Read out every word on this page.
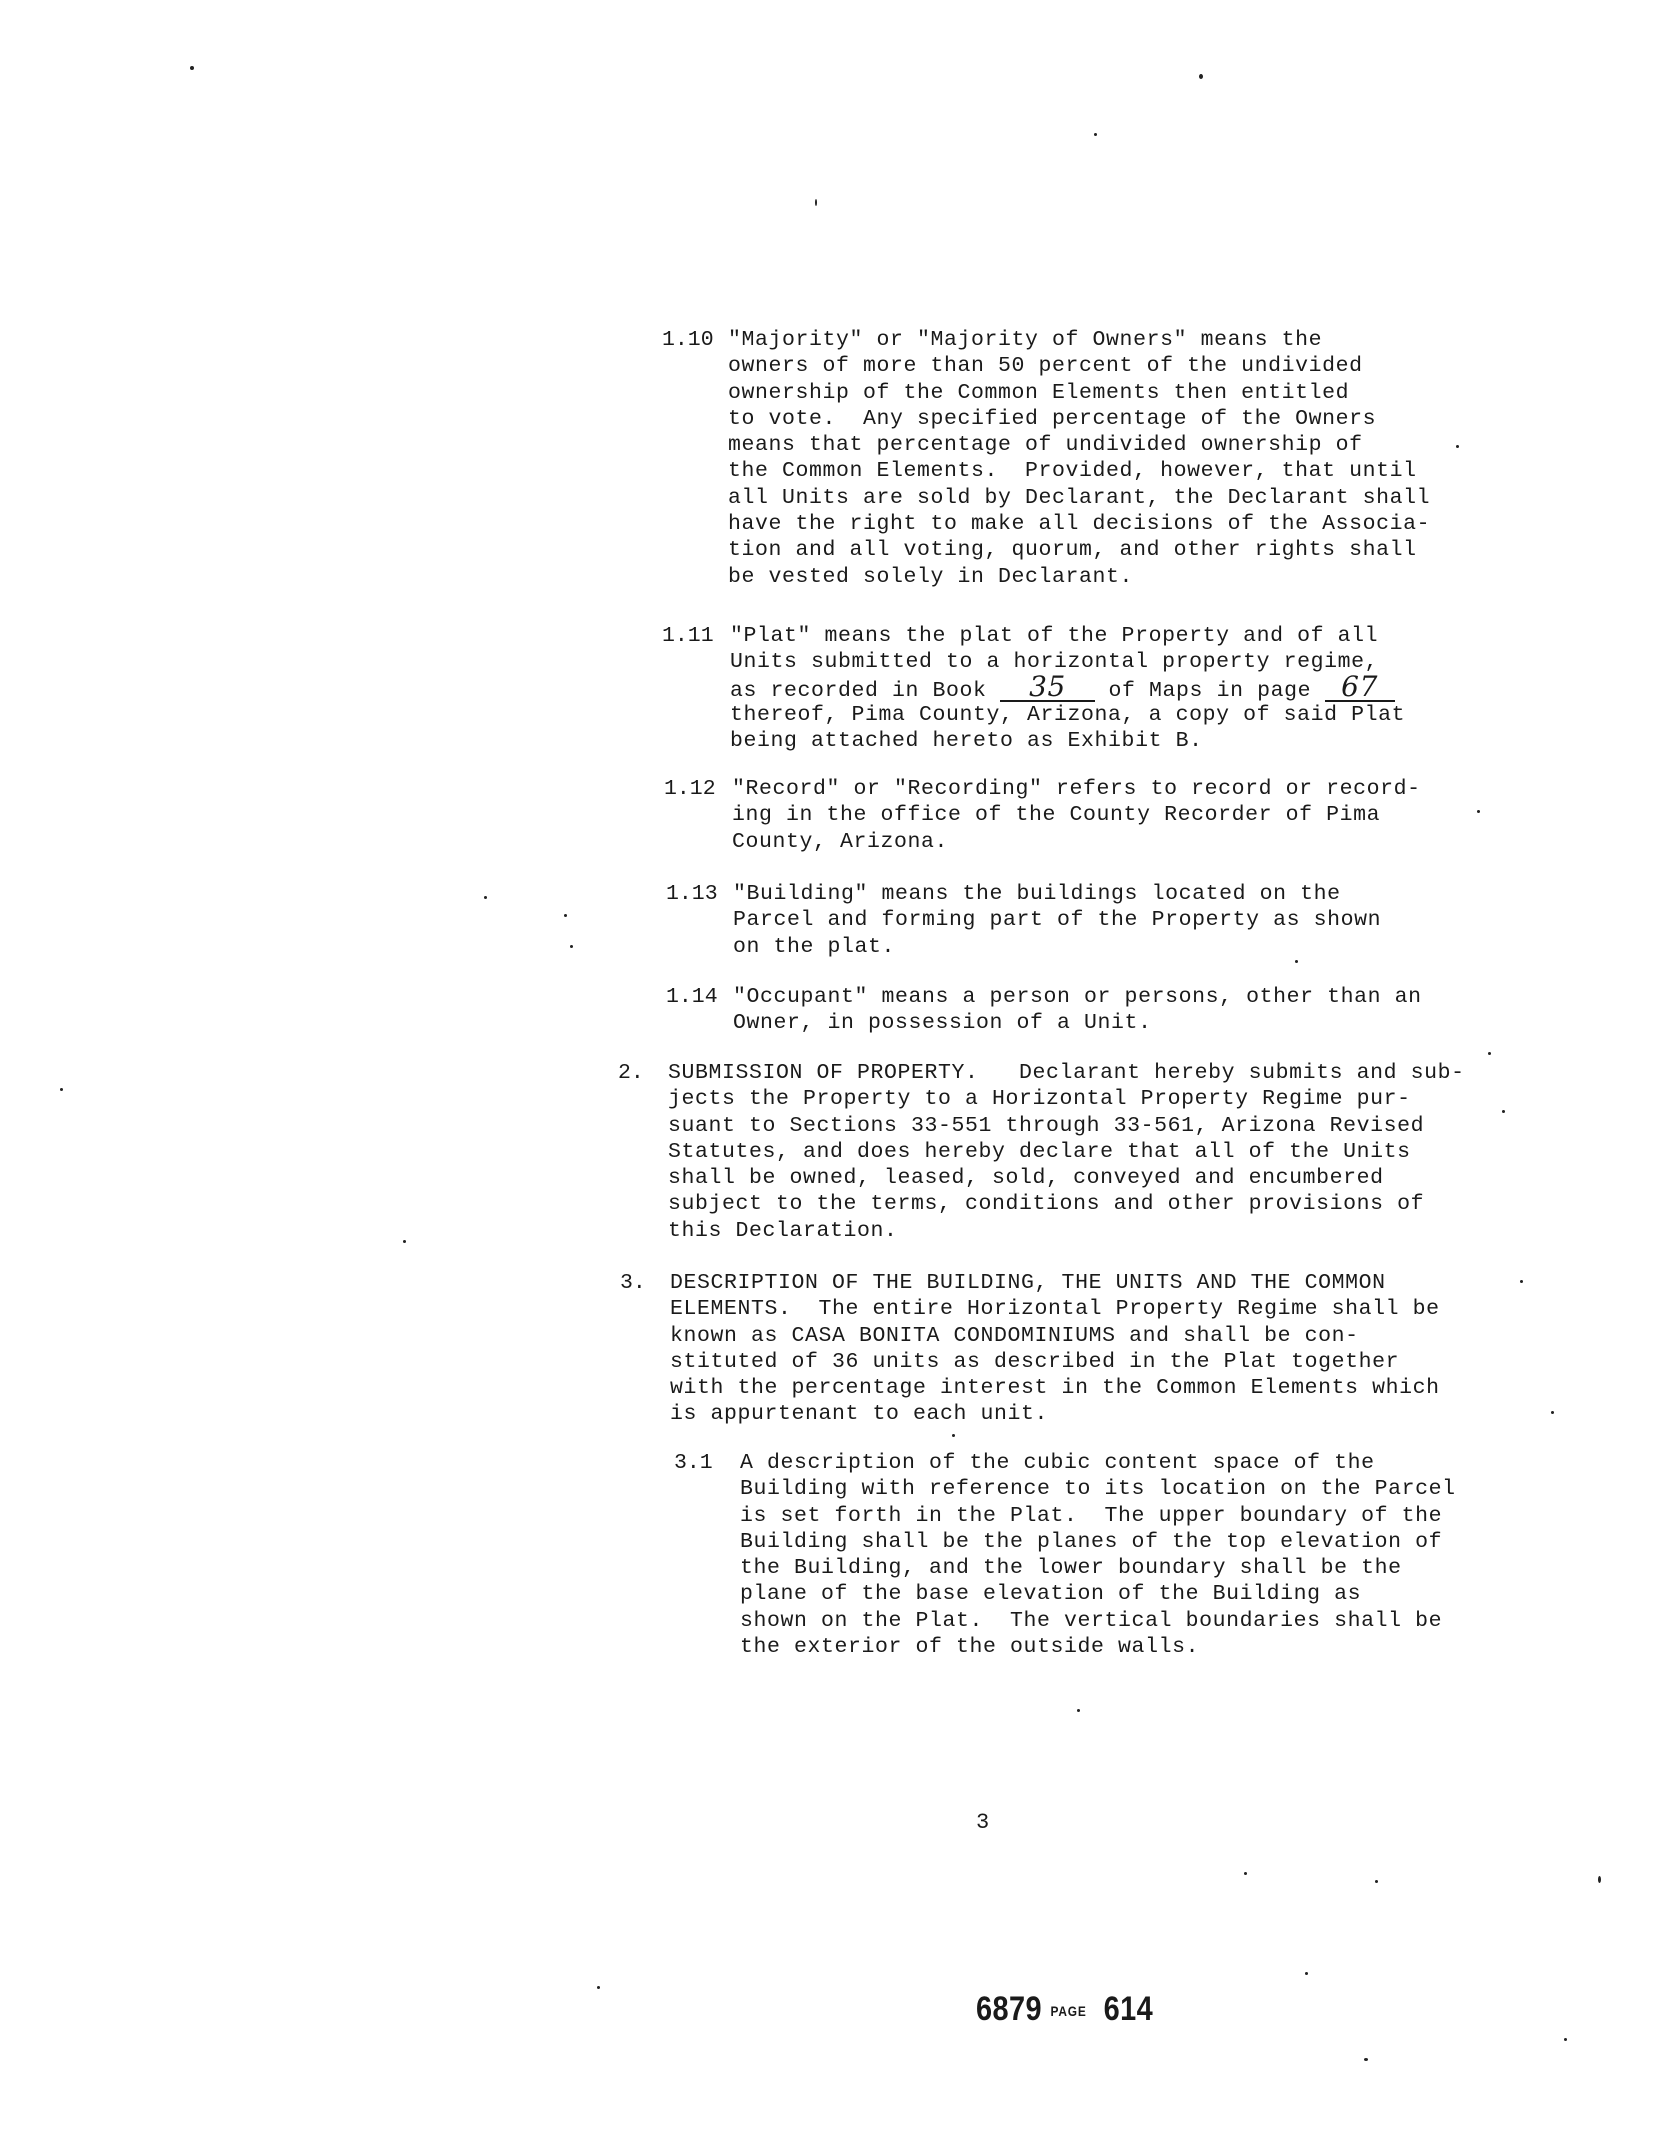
1.10 "Majority" or "Majority of Owners" means the
owners of more than 50 percent of the undivided
ownership of the Common Elements then entitled
to vote.  Any specified percentage of the Owners
means that percentage of undivided ownership of
the Common Elements.  Provided, however, that until
all Units are sold by Declarant, the Declarant shall
have the right to make all decisions of the Associa-
tion and all voting, quorum, and other rights shall
be vested solely in Declarant.
1.11 "Plat" means the plat of the Property and of all
Units submitted to a horizontal property regime,
as recorded in Book 35 of Maps in page 67
thereof, Pima County, Arizona, a copy of said Plat
being attached hereto as Exhibit B.
1.12 "Record" or "Recording" refers to record or record-
ing in the office of the County Recorder of Pima
County, Arizona.
1.13 "Building" means the buildings located on the
Parcel and forming part of the Property as shown
on the plat.
1.14 "Occupant" means a person or persons, other than an
Owner, in possession of a Unit.
2. SUBMISSION OF PROPERTY.   Declarant hereby submits and sub-
jects the Property to a Horizontal Property Regime pur-
suant to Sections 33-551 through 33-561, Arizona Revised
Statutes, and does hereby declare that all of the Units
shall be owned, leased, sold, conveyed and encumbered
subject to the terms, conditions and other provisions of
this Declaration.
3. DESCRIPTION OF THE BUILDING, THE UNITS AND THE COMMON
ELEMENTS.  The entire Horizontal Property Regime shall be
known as CASA BONITA CONDOMINIUMS and shall be con-
stituted of 36 units as described in the Plat together
with the percentage interest in the Common Elements which
is appurtenant to each unit.
3.1 A description of the cubic content space of the
Building with reference to its location on the Parcel
is set forth in the Plat.  The upper boundary of the
Building shall be the planes of the top elevation of
the Building, and the lower boundary shall be the
plane of the base elevation of the Building as
shown on the Plat.  The vertical boundaries shall be
the exterior of the outside walls.
3
6879 PAGE 614
